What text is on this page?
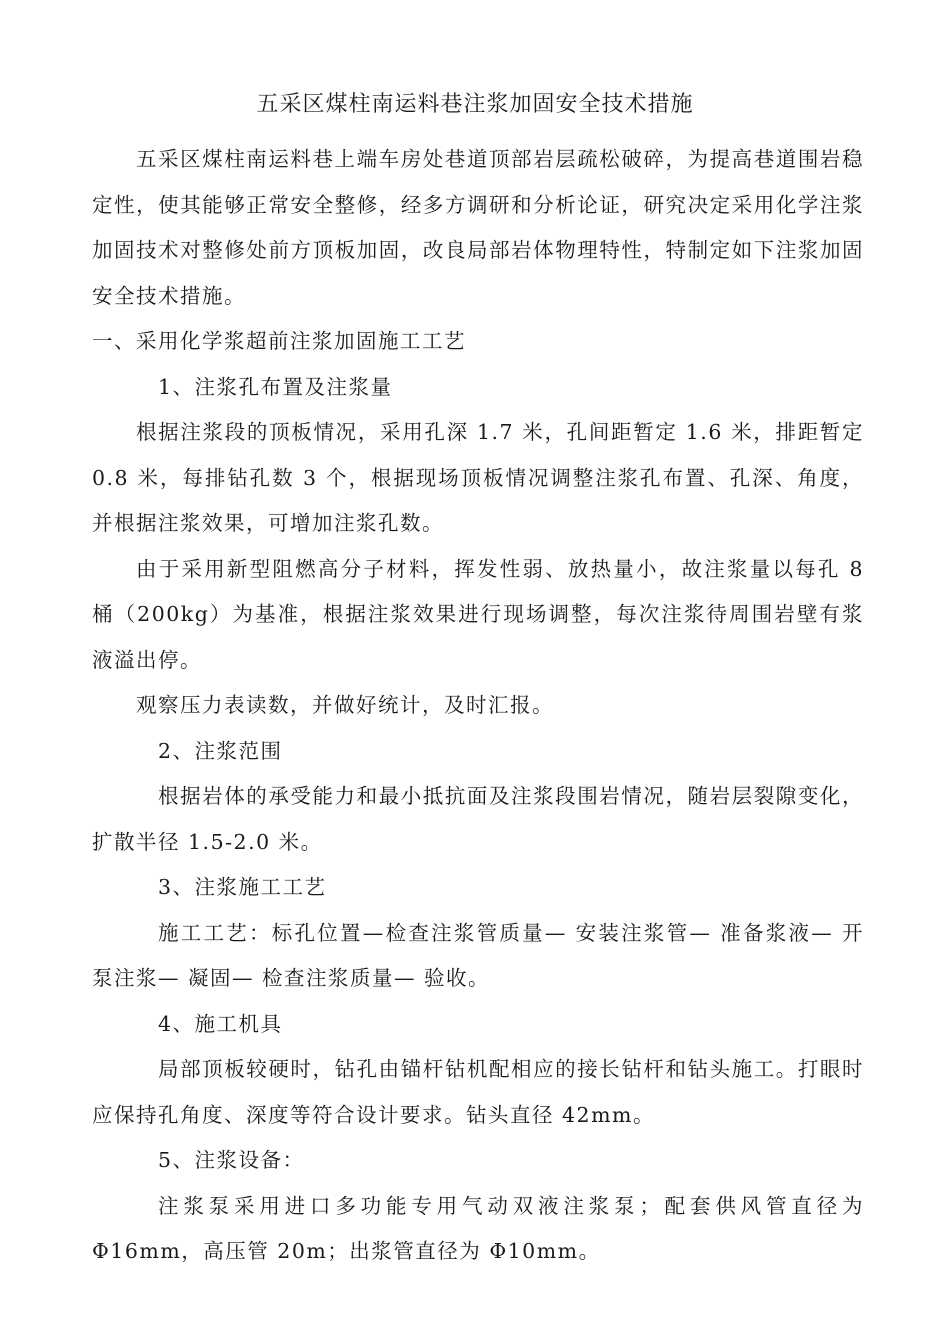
五采区煤柱南运料巷注浆加固安全技术措施

五采区煤柱南运料巷上端车房处巷道顶部岩层疏松破碎，为提高巷道围岩稳定性，使其能够正常安全整修，经多方调研和分析论证，研究决定采用化学注浆加固技术对整修处前方顶板加固，改良局部岩体物理特性，特制定如下注浆加固安全技术措施。

一、采用化学浆超前注浆加固施工工艺

1、注浆孔布置及注浆量

根据注浆段的顶板情况，采用孔深 1.7 米，孔间距暂定 1.6 米，排距暂定 0.8 米，每排钻孔数 3 个，根据现场顶板情况调整注浆孔布置、孔深、角度，并根据注浆效果，可增加注浆孔数。

由于采用新型阻燃高分子材料，挥发性弱、放热量小，故注浆量以每孔 8 桶（200kg）为基准，根据注浆效果进行现场调整，每次注浆待周围岩壁有浆液溢出停。

观察压力表读数，并做好统计，及时汇报。

2、注浆范围

根据岩体的承受能力和最小抵抗面及注浆段围岩情况，随岩层裂隙变化，扩散半径 1.5-2.0 米。

3、注浆施工工艺

施工工艺：标孔位置—检查注浆管质量— 安装注浆管— 准备浆液— 开泵注浆— 凝固— 检查注浆质量— 验收。

4、施工机具

局部顶板较硬时，钻孔由锚杆钻机配相应的接长钻杆和钻头施工。打眼时应保持孔角度、深度等符合设计要求。钻头直径 42mm。

5、注浆设备：

注浆泵采用进口多功能专用气动双液注浆泵；配套供风管直径为 Φ16mm，高压管 20m；出浆管直径为 Φ10mm。
